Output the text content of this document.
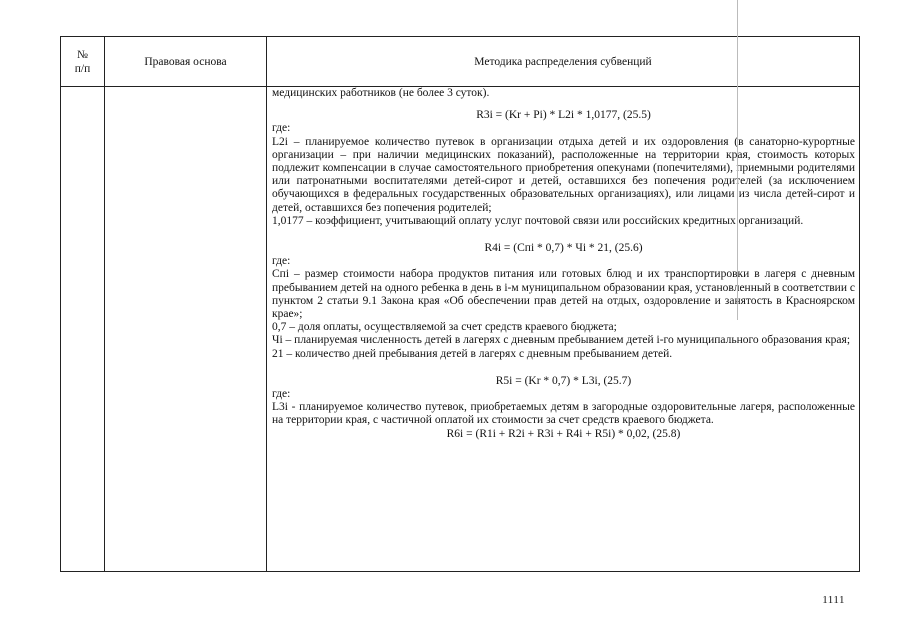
№
п/п
Правовая основа	Методика распределения субвенций

медицинских работников (не более 3 суток).

R3i = (Kr + Pi) * L2i * 1,0177, (25.5)

где:

L2i – планируемое количество путевок в организации отдыха детей и их оздоровления (в санаторно-курортные организации – при наличии медицинских показаний), расположенные на территории края, стоимость которых подлежит компенсации в случае самостоятельного приобретения опекунами (попечителями), приемными родителями или патронатными воспитателями детей-сирот и детей, оставшихся без попечения родителей (за исключением обучающихся в федеральных государственных образовательных организациях), или лицами из числа детей-сирот и детей, оставшихся без попечения родителей;

1,0177 – коэффициент, учитывающий оплату услуг почтовой связи или российских кредитных организаций.

R4i = (Cпi * 0,7) * Чi * 21, (25.6)

где:

Cпi – размер стоимости набора продуктов питания или готовых блюд и их транспортировки в лагеря с дневным пребыванием детей на одного ребенка в день в i-м муниципальном образовании края, установленный в соответствии с пунктом 2 статьи 9.1 Закона края «Об обеспечении прав детей на отдых, оздоровление и занятость в Красноярском крае»;

0,7 – доля оплаты, осуществляемой за счет средств краевого бюджета;

Чi – планируемая численность детей в лагерях с дневным пребыванием детей i-го муниципального образования края;

21 – количество дней пребывания детей в лагерях с дневным пребыванием детей.

R5i = (Kr * 0,7) * L3i, (25.7)

где:

L3i - планируемое количество путевок, приобретаемых детям в загородные оздоровительные лагеря, расположенные на территории края, с частичной оплатой их стоимости за счет средств краевого бюджета.

R6i = (R1i + R2i + R3i + R4i + R5i) * 0,02, (25.8)

1111
